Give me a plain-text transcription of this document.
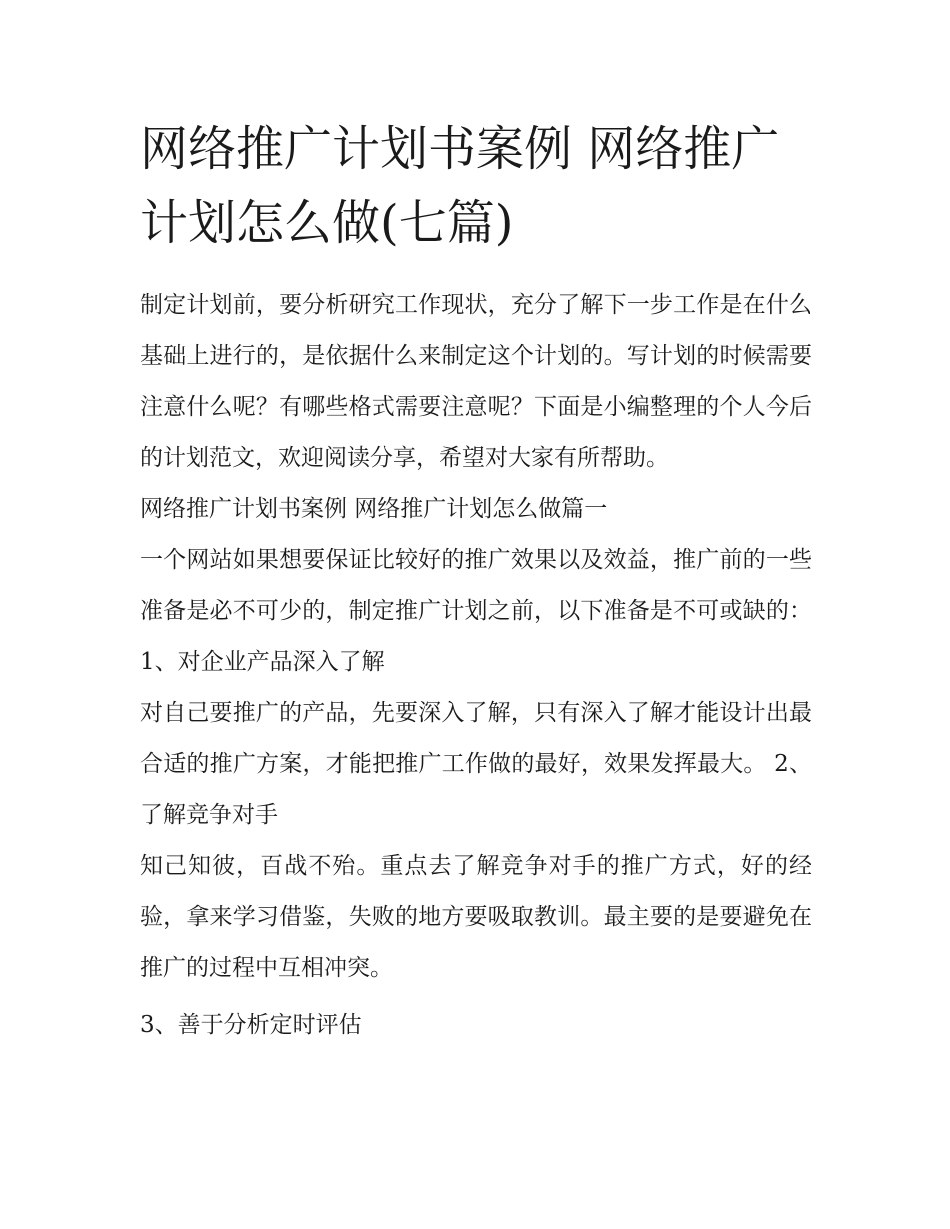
网络推广计划书案例 网络推广计划怎么做(七篇)

制定计划前，要分析研究工作现状，充分了解下一步工作是在什么基础上进行的，是依据什么来制定这个计划的。写计划的时候需要注意什么呢？有哪些格式需要注意呢？下面是小编整理的个人今后的计划范文，欢迎阅读分享，希望对大家有所帮助。

网络推广计划书案例 网络推广计划怎么做篇一

一个网站如果想要保证比较好的推广效果以及效益，推广前的一些准备是必不可少的，制定推广计划之前，以下准备是不可或缺的： 1、对企业产品深入了解

对自己要推广的产品，先要深入了解，只有深入了解才能设计出最合适的推广方案，才能把推广工作做的最好，效果发挥最大。 2、了解竞争对手

知己知彼，百战不殆。重点去了解竞争对手的推广方式，好的经验，拿来学习借鉴，失败的地方要吸取教训。最主要的是要避免在推广的过程中互相冲突。

3、善于分析定时评估
